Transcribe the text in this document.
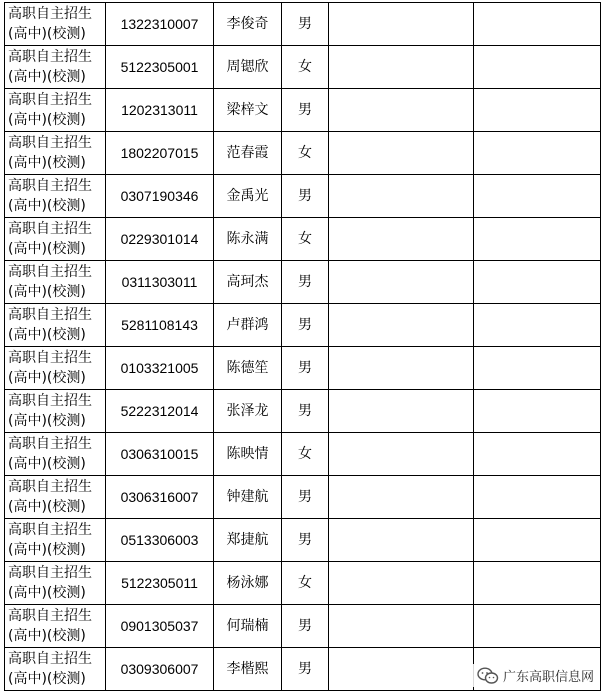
高职自主招生
(高中)(校测)	1322310007	李俊奇	男		

高职自主招生
(高中)(校测)	5122305001	周锶欣	女		

高职自主招生
(高中)(校测)	1202313011	梁梓文	男		

高职自主招生
(高中)(校测)	1802207015	范春霞	女		

高职自主招生
(高中)(校测)	0307190346	金禹光	男		

高职自主招生
(高中)(校测)	0229301014	陈永满	女		

高职自主招生
(高中)(校测)	0311303011	高珂杰	男		

高职自主招生
(高中)(校测)	5281108143	卢群鸿	男		

高职自主招生
(高中)(校测)	0103321005	陈德笙	男		

高职自主招生
(高中)(校测)	5222312014	张泽龙	男		

高职自主招生
(高中)(校测)	0306310015	陈映情	女		

高职自主招生
(高中)(校测)	0306316007	钟建航	男		

高职自主招生
(高中)(校测)	0513306003	郑捷航	男		

高职自主招生
(高中)(校测)	5122305011	杨泳娜	女		

高职自主招生
(高中)(校测)	0901305037	何瑞楠	男		

高职自主招生
(高中)(校测)	0309306007	李楷熙	男		
广东高职信息网
